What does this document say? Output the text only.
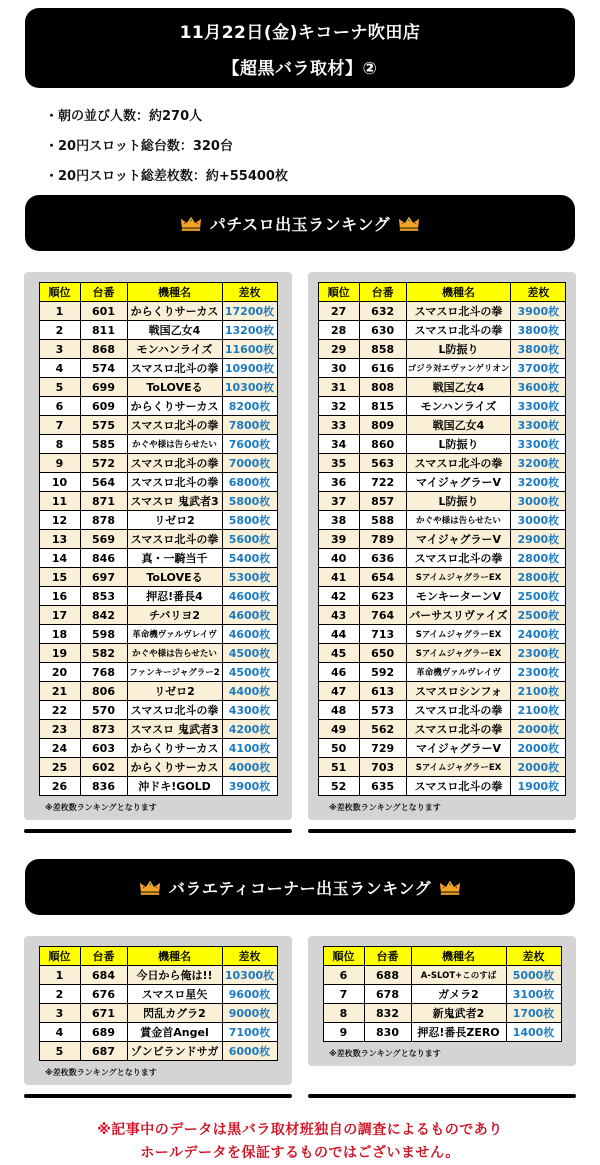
11月22日(金)キコーナ吹田店
【超黒バラ取材】②
・朝の並び人数：約270人
・20円スロット総台数：320台
・20円スロット総差枚数：約+55400枚
パチスロ出玉ランキング
順位	台番	機種名	差枚
1	601	からくりサーカス	17200枚
2	811	戦国乙女4	13200枚
3	868	モンハンライズ	11600枚
4	574	スマスロ北斗の拳	10900枚
5	699	ToLOVEる	10300枚
6	609	からくりサーカス	8200枚
7	575	スマスロ北斗の拳	7800枚
8	585	かぐや様は告らせたい	7600枚
9	572	スマスロ北斗の拳	7000枚
10	564	スマスロ北斗の拳	6800枚
11	871	スマスロ 鬼武者3	5800枚
12	878	リゼロ2	5800枚
13	569	スマスロ北斗の拳	5600枚
14	846	真・一騎当千	5400枚
15	697	ToLOVEる	5300枚
16	853	押忍!番長4	4600枚
17	842	チバリヨ2	4600枚
18	598	革命機ヴァルヴレイヴ	4600枚
19	582	かぐや様は告らせたい	4500枚
20	768	ファンキージャグラー2	4500枚
21	806	リゼロ2	4400枚
22	570	スマスロ北斗の拳	4300枚
23	873	スマスロ 鬼武者3	4200枚
24	603	からくりサーカス	4100枚
25	602	からくりサーカス	4000枚
26	836	沖ドキ!GOLD	3900枚
※差枚数ランキングとなります
順位	台番	機種名	差枚
27	632	スマスロ北斗の拳	3900枚
28	630	スマスロ北斗の拳	3800枚
29	858	L防振り	3800枚
30	616	ゴジラ対エヴァンゲリオン	3700枚
31	808	戦国乙女4	3600枚
32	815	モンハンライズ	3300枚
33	809	戦国乙女4	3300枚
34	860	L防振り	3300枚
35	563	スマスロ北斗の拳	3200枚
36	722	マイジャグラーV	3200枚
37	857	L防振り	3000枚
38	588	かぐや様は告らせたい	3000枚
39	789	マイジャグラーV	2900枚
40	636	スマスロ北斗の拳	2800枚
41	654	SアイムジャグラーEX	2800枚
42	623	モンキーターンV	2500枚
43	764	バーサスリヴァイズ	2500枚
44	713	SアイムジャグラーEX	2400枚
45	650	SアイムジャグラーEX	2300枚
46	592	革命機ヴァルヴレイヴ	2300枚
47	613	スマスロシンフォ	2100枚
48	573	スマスロ北斗の拳	2100枚
49	562	スマスロ北斗の拳	2000枚
50	729	マイジャグラーV	2000枚
51	703	SアイムジャグラーEX	2000枚
52	635	スマスロ北斗の拳	1900枚
※差枚数ランキングとなります
バラエティコーナー出玉ランキング
順位	台番	機種名	差枚
1	684	今日から俺は!!	10300枚
2	676	スマスロ星矢	9600枚
3	671	閃乱カグラ2	9000枚
4	689	賞金首Angel	7100枚
5	687	ゾンビランドサガ	6000枚
※差枚数ランキングとなります
順位	台番	機種名	差枚
6	688	A-SLOT+このすば	5000枚
7	678	ガメラ2	3100枚
8	832	新鬼武者2	1700枚
9	830	押忍!番長ZERO	1400枚
※差枚数ランキングとなります
※記事中のデータは黒バラ取材班独自の調査によるものであり
ホールデータを保証するものではございません。
